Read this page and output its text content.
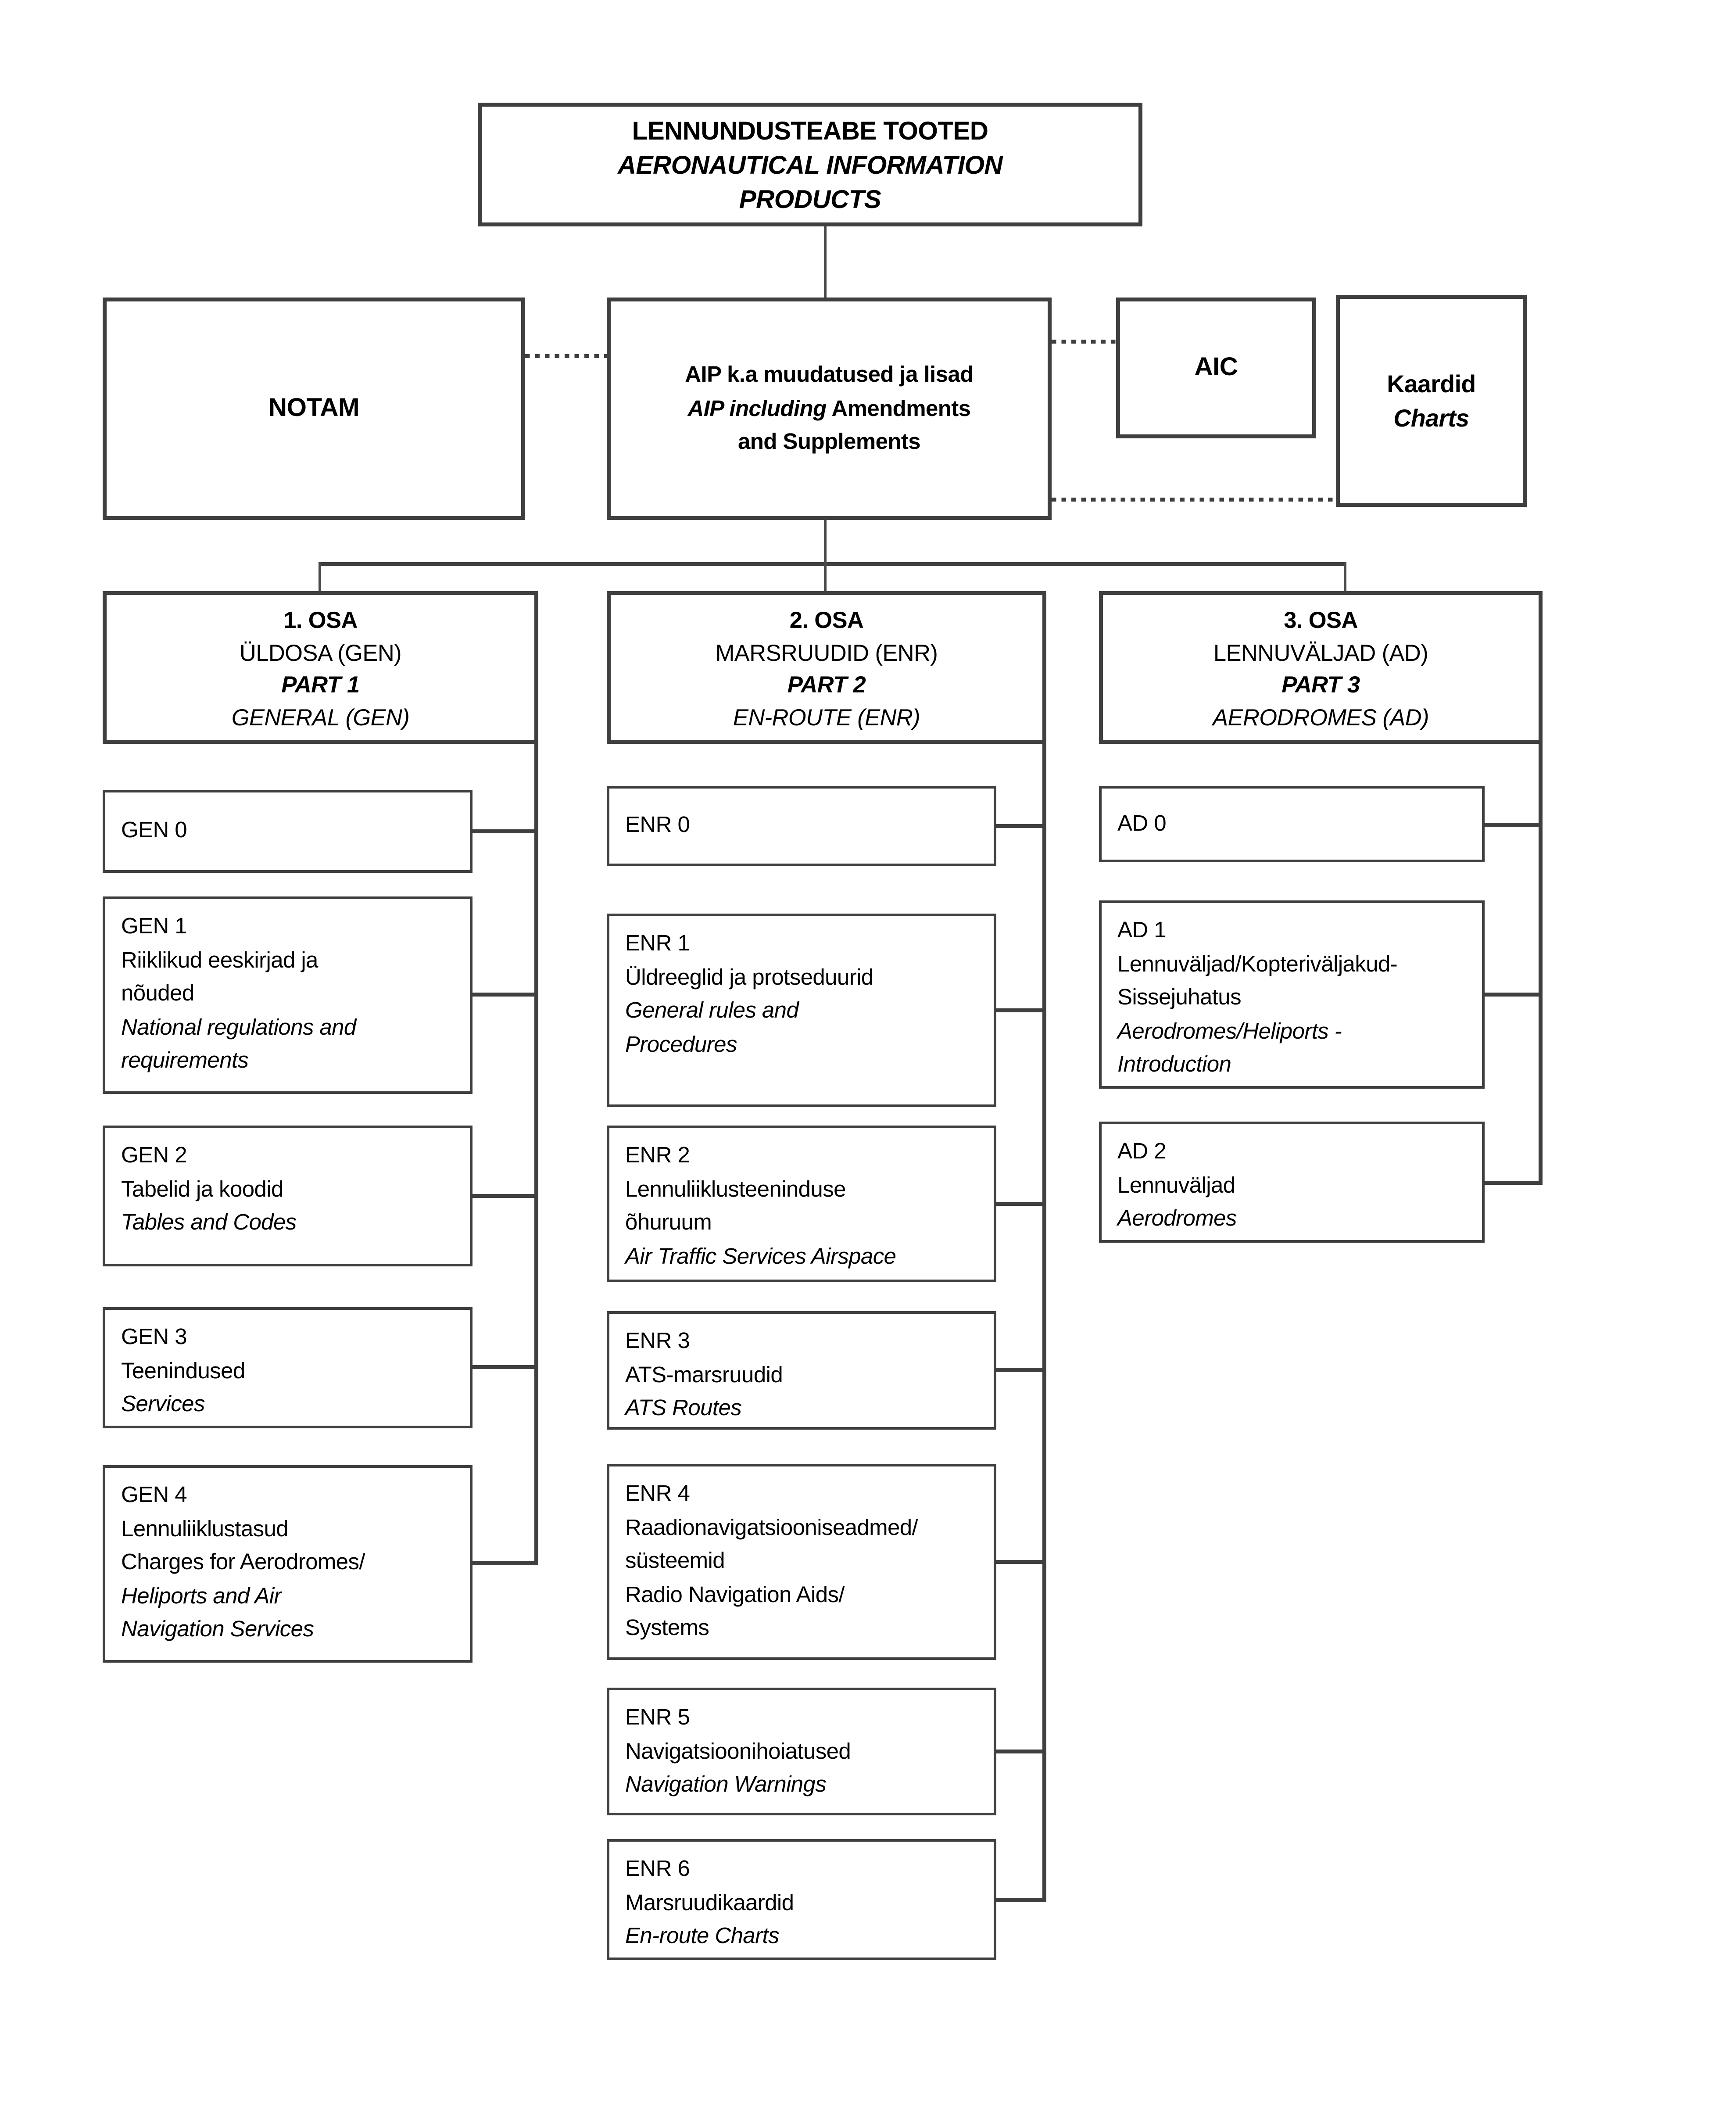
LENNUNDUSTEABE TOOTED
AERONAUTICAL INFORMATION
PRODUCTS
NOTAM
AIP k.a muudatused ja lisad
AIP including Amendments
and Supplements
AIC
Kaardid
Charts
1. OSA
ÜLDOSA (GEN)
PART 1
GENERAL (GEN)
2. OSA
MARSRUUDID (ENR)
PART 2
EN-ROUTE (ENR)
3. OSA
LENNUVÄLJAD (AD)
PART 3
AERODROMES (AD)
GEN 0
GEN 1
Riiklikud eeskirjad ja
nõuded
National regulations and
requirements
GEN 2
Tabelid ja koodid
Tables and Codes
GEN 3
Teenindused
Services
GEN 4
Lennuliiklustasud
Charges for Aerodromes/
Heliports and Air
Navigation Services
ENR 0
ENR 1
Üldreeglid ja protseduurid
General rules and
Procedures
ENR 2
Lennuliiklusteeninduse
õhuruum
Air Traffic Services Airspace
ENR 3
ATS-marsruudid
ATS Routes
ENR 4
Raadionavigatsiooniseadmed/
süsteemid
Radio Navigation Aids/
Systems
ENR 5
Navigatsioonihoiatused
Navigation Warnings
ENR 6
Marsruudikaardid
En-route Charts
AD 0
AD 1
Lennuväljad/Kopteriväljakud-
Sissejuhatus
Aerodromes/Heliports -
Introduction
AD 2
Lennuväljad
Aerodromes
